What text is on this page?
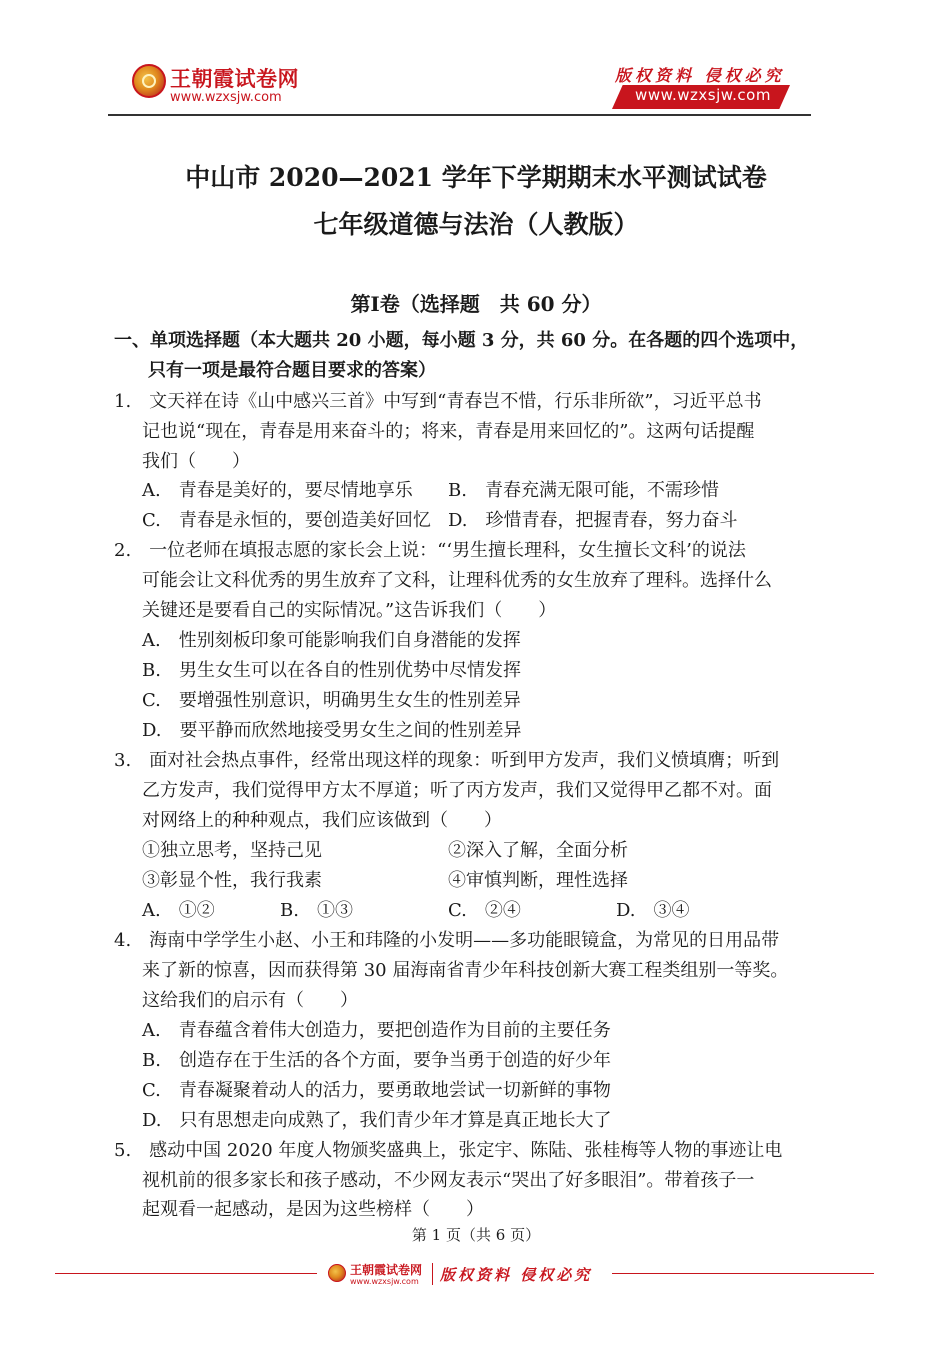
王朝霞试卷网
www.wzxsjw.com
版权资料 侵权必究
www.wzxsjw.com
中山市 2020—2021 学年下学期期末水平测试试卷
七年级道德与法治（人教版）
第Ⅰ卷（选择题　共 60 分）
一、单项选择题（本大题共 20 小题，每小题 3 分，共 60 分。在各题的四个选项中，
只有一项是最符合题目要求的答案）
1.　文天祥在诗《山中感兴三首》中写到“青春岂不惜，行乐非所欲”，习近平总书
记也说“现在，青春是用来奋斗的；将来，青春是用来回忆的”。这两句话提醒
我们（　　）
A.　青春是美好的，要尽情地享乐 B.　青春充满无限可能，不需珍惜
C.　青春是永恒的，要创造美好回忆 D.　珍惜青春，把握青春，努力奋斗
2.　一位老师在填报志愿的家长会上说：“‘男生擅长理科，女生擅长文科’的说法
可能会让文科优秀的男生放弃了文科，让理科优秀的女生放弃了理科。选择什么
关键还是要看自己的实际情况。”这告诉我们（　　）
A.　性别刻板印象可能影响我们自身潜能的发挥
B.　男生女生可以在各自的性别优势中尽情发挥
C.　要增强性别意识，明确男生女生的性别差异
D.　要平静而欣然地接受男女生之间的性别差异
3.　面对社会热点事件，经常出现这样的现象：听到甲方发声，我们义愤填膺；听到
乙方发声，我们觉得甲方太不厚道；听了丙方发声，我们又觉得甲乙都不对。面
对网络上的种种观点，我们应该做到（　　）
①独立思考，坚持己见	②深入了解，全面分析
③彰显个性，我行我素	④审慎判断，理性选择
A.　①②	B.　①③	C.　②④	D.　③④
4.　海南中学学生小赵、小王和玮隆的小发明——多功能眼镜盒，为常见的日用品带
来了新的惊喜，因而获得第 30 届海南省青少年科技创新大赛工程类组别一等奖。
这给我们的启示有（　　）
A.　青春蕴含着伟大创造力，要把创造作为目前的主要任务
B.　创造存在于生活的各个方面，要争当勇于创造的好少年
C.　青春凝聚着动人的活力，要勇敢地尝试一切新鲜的事物
D.　只有思想走向成熟了，我们青少年才算是真正地长大了
5.　感动中国 2020 年度人物颁奖盛典上，张定宇、陈陆、张桂梅等人物的事迹让电
视机前的很多家长和孩子感动，不少网友表示“哭出了好多眼泪”。带着孩子一
起观看一起感动，是因为这些榜样（　　）
第 1 页（共 6 页）
王朝霞试卷网
www.wzxsjw.com 版权资料 侵权必究
